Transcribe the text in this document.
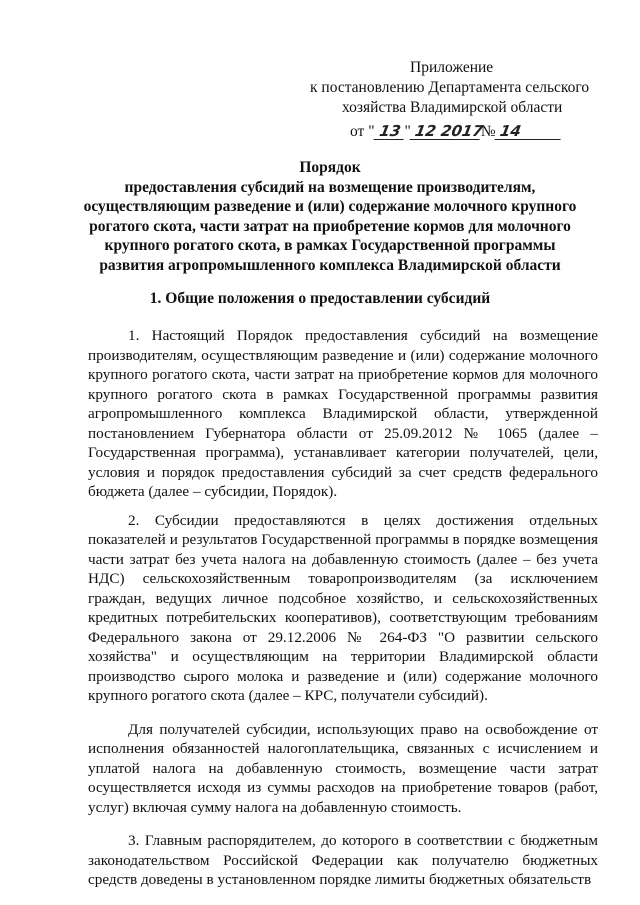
Приложение
к постановлению Департамента сельского
хозяйства Владимирской области
от " 13 " 12 2017№ 14
Порядок
предоставления субсидий на возмещение производителям, осуществляющим разведение и (или) содержание молочного крупного рогатого скота, части затрат на приобретение кормов для молочного крупного рогатого скота, в рамках Государственной программы развития агропромышленного комплекса Владимирской области
1. Общие положения о предоставлении субсидий

1. Настоящий Порядок предоставления субсидий на возмещение производителям, осуществляющим разведение и (или) содержание молочного крупного рогатого скота, части затрат на приобретение кормов для молочного крупного рогатого скота в рамках Государственной программы развития агропромышленного комплекса Владимирской области, утвержденной постановлением Губернатора области от 25.09.2012 № 1065 (далее – Государственная программа), устанавливает категории получателей, цели, условия и порядок предоставления субсидий за счет средств федерального бюджета (далее – субсидии, Порядок).

2. Субсидии предоставляются в целях достижения отдельных показателей и результатов Государственной программы в порядке возмещения части затрат без учета налога на добавленную стоимость (далее – без учета НДС) сельскохозяйственным товаропроизводителям (за исключением граждан, ведущих личное подсобное хозяйство, и сельскохозяйственных кредитных потребительских кооперативов), соответствующим требованиям Федерального закона от 29.12.2006 № 264-ФЗ "О развитии сельского хозяйства" и осуществляющим на территории Владимирской области производство сырого молока и разведение и (или) содержание молочного крупного рогатого скота (далее – КРС, получатели субсидий).

Для получателей субсидии, использующих право на освобождение от исполнения обязанностей налогоплательщика, связанных с исчислением и уплатой налога на добавленную стоимость, возмещение части затрат осуществляется исходя из суммы расходов на приобретение товаров (работ, услуг) включая сумму налога на добавленную стоимость.

3. Главным распорядителем, до которого в соответствии с бюджетным законодательством Российской Федерации как получателю бюджетных средств доведены в установленном порядке лимиты бюджетных обязательств
